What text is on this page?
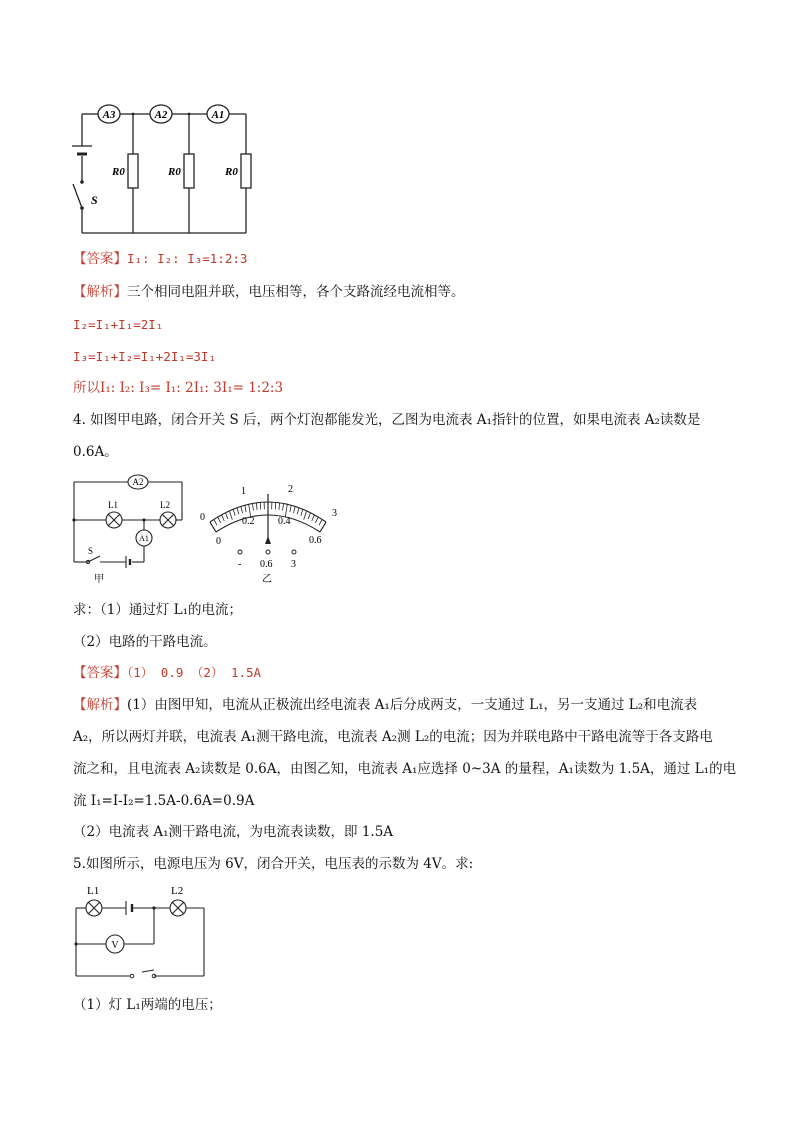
A3	A2	A1
R0	R0	R0
S
【答案】I₁: I₂: I₃=1:2:3
【解析】三个相同电阻并联，电压相等，各个支路流经电流相等。
I₂=I₁+I₁=2I₁
I₃=I₁+I₂=I₁+2I₁=3I₁
所以I₁: I₂: I₃= I₁: 2I₁: 3I₁= 1:2:3
4. 如图甲电路，闭合开关 S 后，两个灯泡都能发光，乙图为电流表 A₁指针的位置，如果电流表 A₂读数是
0.6A。
A2
L1	L2
A1
S
甲
0
1	2
3
0
0.2 0.4
0.6
- 0.6 3
乙
求：（1）通过灯 L₁的电流；
（2）电路的干路电流。
【答案】（1） 0.9 （2） 1.5A
【解析】(1）由图甲知，电流从正极流出经电流表 A₁后分成两支，一支通过 L₁，另一支通过 L₂和电流表
A₂，所以两灯并联，电流表 A₁测干路电流，电流表 A₂测 L₂的电流；因为并联电路中干路电流等于各支路电
流之和，且电流表 A₂读数是 0.6A，由图乙知，电流表 A₁应选择 0~3A 的量程，A₁读数为 1.5A，通过 L₁的电
流 I₁=I-I₂=1.5A-0.6A=0.9A
（2）电流表 A₁测干路电流，为电流表读数，即 1.5A
5.如图所示，电源电压为 6V，闭合开关，电压表的示数为 4V。求:
L1	L2
V
（1）灯 L₁两端的电压；
